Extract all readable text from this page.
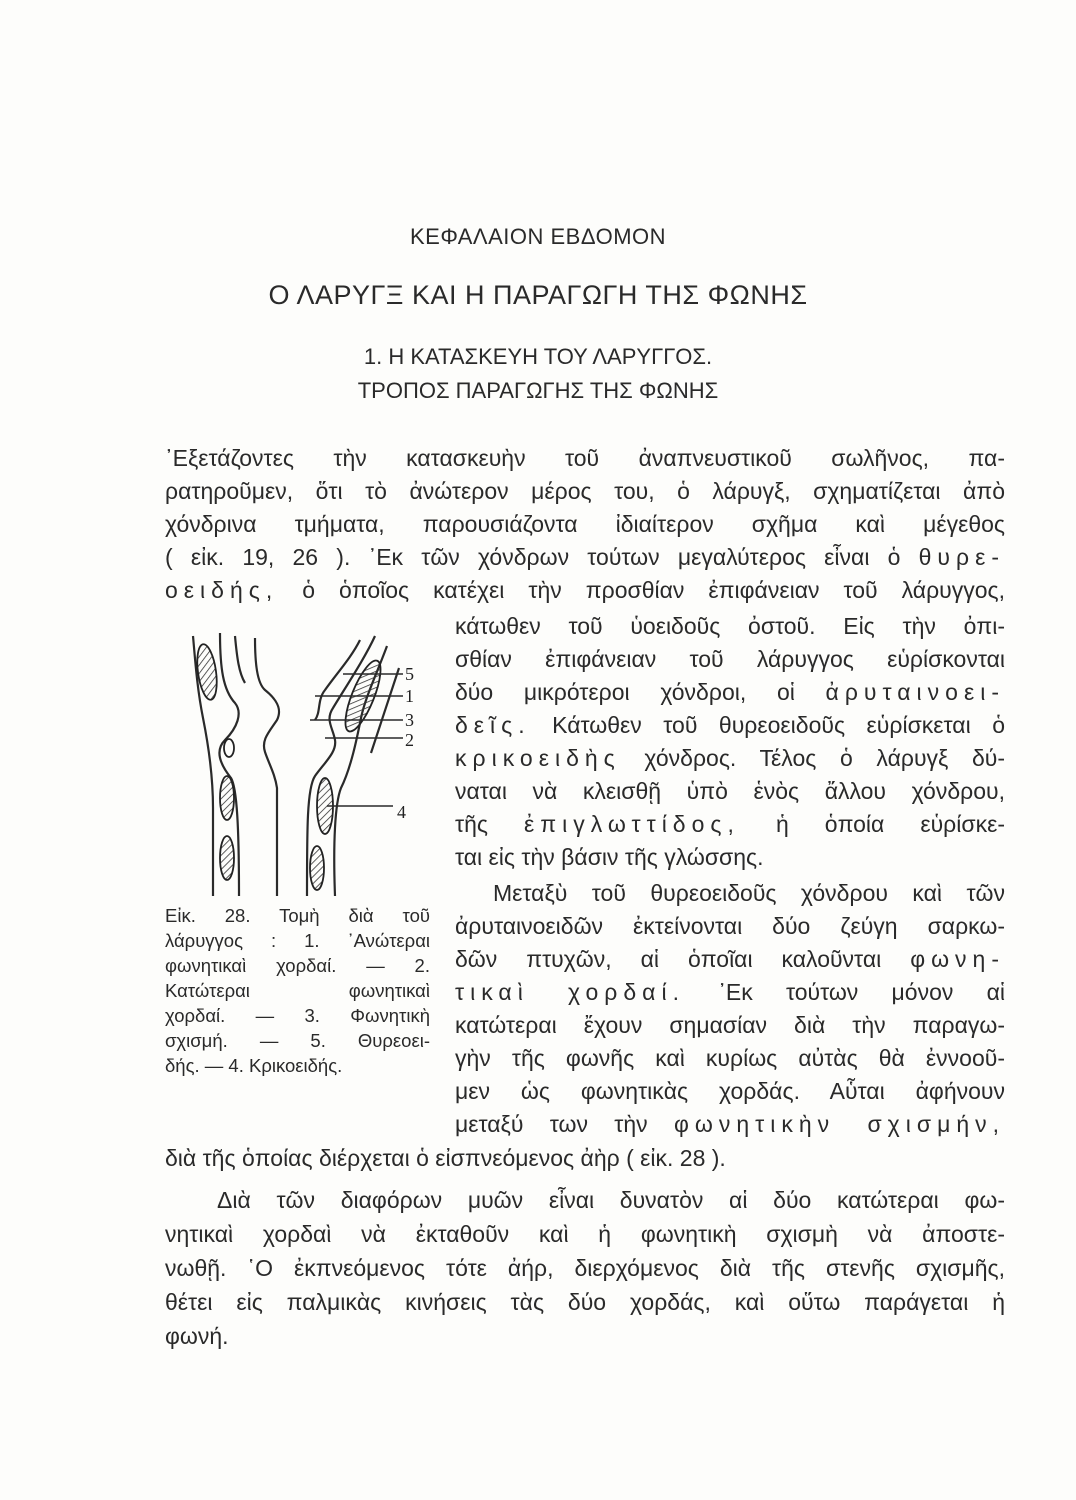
ΚΕΦΑΛΑΙΟΝ ΕΒΔΟΜΟΝ
Ο ΛΑΡΥΓΞ ΚΑΙ Η ΠΑΡΑΓΩΓΗ ΤΗΣ ΦΩΝΗΣ
1. Η ΚΑΤΑΣΚΕΥΗ ΤΟΥ ΛΑΡΥΓΓΟΣ.
ΤΡΟΠΟΣ ΠΑΡΑΓΩΓΗΣ ΤΗΣ ΦΩΝΗΣ
᾿Εξετάζοντες τὴν κατασκευὴν τοῦ ἀναπνευστικοῦ σωλῆνος, πα-
ρατηροῦμεν, ὅτι τὸ ἀνώτερον μέρος του, ὁ λάρυγξ, σχηματίζεται ἀπὸ
χόνδρινα τμήματα, παρουσιάζοντα ἰδιαίτερον σχῆμα καὶ μέγεθος
( εἰκ. 19, 26 ). ᾿Εκ τῶν χόνδρων τούτων μεγαλύτερος εἶναι ὁ θυρε-
οειδής, ὁ ὁποῖος κατέχει τὴν προσθίαν ἐπιφάνειαν τοῦ λάρυγγος,
κάτωθεν τοῦ ὑοειδοῦς ὀστοῦ. Εἰς τὴν ὀπι-
σθίαν ἐπιφάνειαν τοῦ λάρυγγος εὑρίσκονται
δύο μικρότεροι χόνδροι, οἱ ἀρυταινοει-
δεῖς. Κάτωθεν τοῦ θυρεοειδοῦς εὑρίσκεται ὁ
κρικοειδὴς χόνδρος. Τέλος ὁ λάρυγξ δύ-
ναται νὰ κλεισθῇ ὑπὸ ἑνὸς ἄλλου χόνδρου,
τῆς ἐπιγλωττίδος, ἡ ὁποία εὑρίσκε-
ται εἰς τὴν βάσιν τῆς γλώσσης.
Μεταξὺ τοῦ θυρεοειδοῦς χόνδρου καὶ τῶν
ἀρυταινοειδῶν ἐκτείνονται δύο ζεύγη σαρκω-
δῶν πτυχῶν, αἱ ὁποῖαι καλοῦνται φωνη-
τικαὶ χορδαί. ᾿Εκ τούτων μόνον αἱ
κατώτεραι ἔχουν σημασίαν διὰ τὴν παραγω-
γὴν τῆς φωνῆς καὶ κυρίως αὐτὰς θὰ ἐννοοῦ-
μεν ὡς φωνητικὰς χορδάς. Αὗται ἀφήνουν
μεταξύ των τὴν φωνητικὴν σχισμήν,
διὰ τῆς ὁποίας διέρχεται ὁ εἰσπνεόμενος ἀὴρ ( εἰκ. 28 ).
Διὰ τῶν διαφόρων μυῶν εἶναι δυνατὸν αἱ δύο κατώτεραι φω-
νητικαὶ χορδαὶ νὰ ἐκταθοῦν καὶ ἡ φωνητικὴ σχισμὴ νὰ ἀποστε-
νωθῇ. ῾Ο ἐκπνεόμενος τότε ἀήρ, διερχόμενος διὰ τῆς στενῆς σχισμῆς,
θέτει εἰς παλμικὰς κινήσεις τὰς δύο χορδάς, καὶ οὕτω παράγεται ἡ
φωνή.
5
1
3
2
4
Εἰκ. 28. Τομὴ διὰ τοῦ
λάρυγγος : 1. ᾿Ανώτεραι
φωνητικαὶ χορδαί. — 2.
Κατώτεραι φωνητικαὶ
χορδαί. — 3. Φωνητικὴ
σχισμή. — 5. Θυρεοει-
δής. — 4. Κρικοειδής.
